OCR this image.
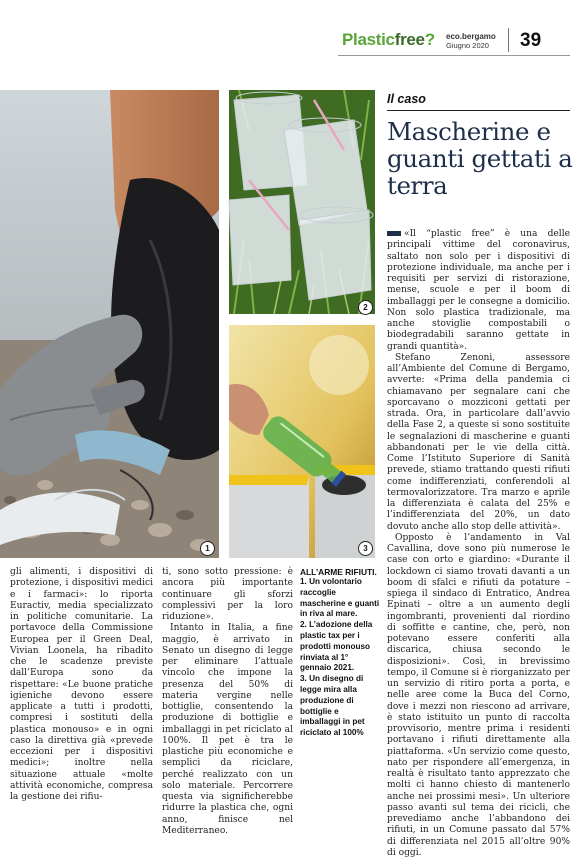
Plasticfree? eco.bergamo
Giugno 2020	39
1
2
3
Il caso
Mascherine e guanti gettati a terra

«Il “plastic free” è una delle principali vittime del coronavirus, saltato non solo per i dispositivi di protezione individuale, ma anche per i requisiti per servizi di ristorazione, mense, scuole e per il boom di imballaggi per le consegne a domicilio. Non solo plastica tradizionale, ma anche stoviglie compostabili o biodegradabili saranno gettate in grandi quantità».

Stefano Zenoni, assessore all’Ambiente del Comune di Bergamo, avverte: «Prima della pandemia ci chiamavano per segnalare cani che sporcavano o mozziconi gettati per strada. Ora, in particolare dall’avvio della Fase 2, a queste si sono sostituite le segnalazioni di mascherine e guanti abbandonati per le vie della città. Come l’Istituto Superiore di Sanità prevede, stiamo trattando questi rifiuti come indifferenziati, conferendoli al termovalorizzatore. Tra marzo e aprile la differenziata è calata del 25% e l’indifferenziata del 20%, un dato dovuto anche allo stop delle attività».

Opposto è l’andamento in Val Cavallina, dove sono più numerose le case con orto e giardino: «Durante il lockdown ci siamo trovati davanti a un boom di sfalci e rifiuti da potature – spiega il sindaco di Entratico, Andrea Epinati – oltre a un aumento degli ingombranti, provenienti dal riordino di soffitte e cantine, che, però, non potevano essere conferiti alla discarica, chiusa secondo le disposizioni». Così, in brevissimo tempo, il Comune si è riorganizzato per un servizio di ritiro porta a porta, e nelle aree come la Buca del Corno, dove i mezzi non riescono ad arrivare, è stato istituito un punto di raccolta provvisorio, mentre prima i residenti portavano i rifiuti direttamente alla piattaforma. «Un servizio come questo, nato per rispondere all’emergenza, in realtà è risultato tanto apprezzato che molti ci hanno chiesto di mantenerlo anche nei prossimi mesi». Un ulteriore passo avanti sul tema dei ricicli, che prevediamo anche l’abbandono dei rifiuti, in un Comune passato dal 57% di differenziata nel 2015 all’oltre 90% di oggi.

gli alimenti, i dispositivi di protezione, i dispositivi medici e i farmaci»: lo riporta Euractiv, media specializzato in politiche comunitarie. La portavoce della Commissione Europea per il Green Deal, Vivian Loonela, ha ribadito che le scadenze previste dall’Europa sono da rispettare: «Le buone pratiche igieniche devono essere applicate a tutti i prodotti, compresi i sostituti della plastica monouso» e in ogni caso la direttiva già «prevede eccezioni per i dispositivi medici»; inoltre nella situazione attuale «molte attività economiche, compresa la gestione dei rifiu-

ti, sono sotto pressione: è ancora più importante continuare gli sforzi complessivi per la loro riduzione».

Intanto in Italia, a fine maggio, è arrivato in Senato un disegno di legge per eliminare l’attuale vincolo che impone la presenza del 50% di materia vergine nelle bottiglie, consentendo la produzione di bottiglie e imballaggi in pet riciclato al 100%. Il pet è tra le plastiche più economiche e semplici da riciclare, perché realizzato con un solo materiale. Percorrere questa via significherebbe ridurre la plastica che, ogni anno, finisce nel Mediterraneo.

ALL’ARME RIFIUTI.
1. Un volontario raccoglie mascherine e guanti in riva al mare.
2. L’adozione della plastic tax per i prodotti monouso rinviata al 1° gennaio 2021.
3. Un disegno di legge mira alla produzione di bottiglie e imballaggi in pet riciclato al 100%
